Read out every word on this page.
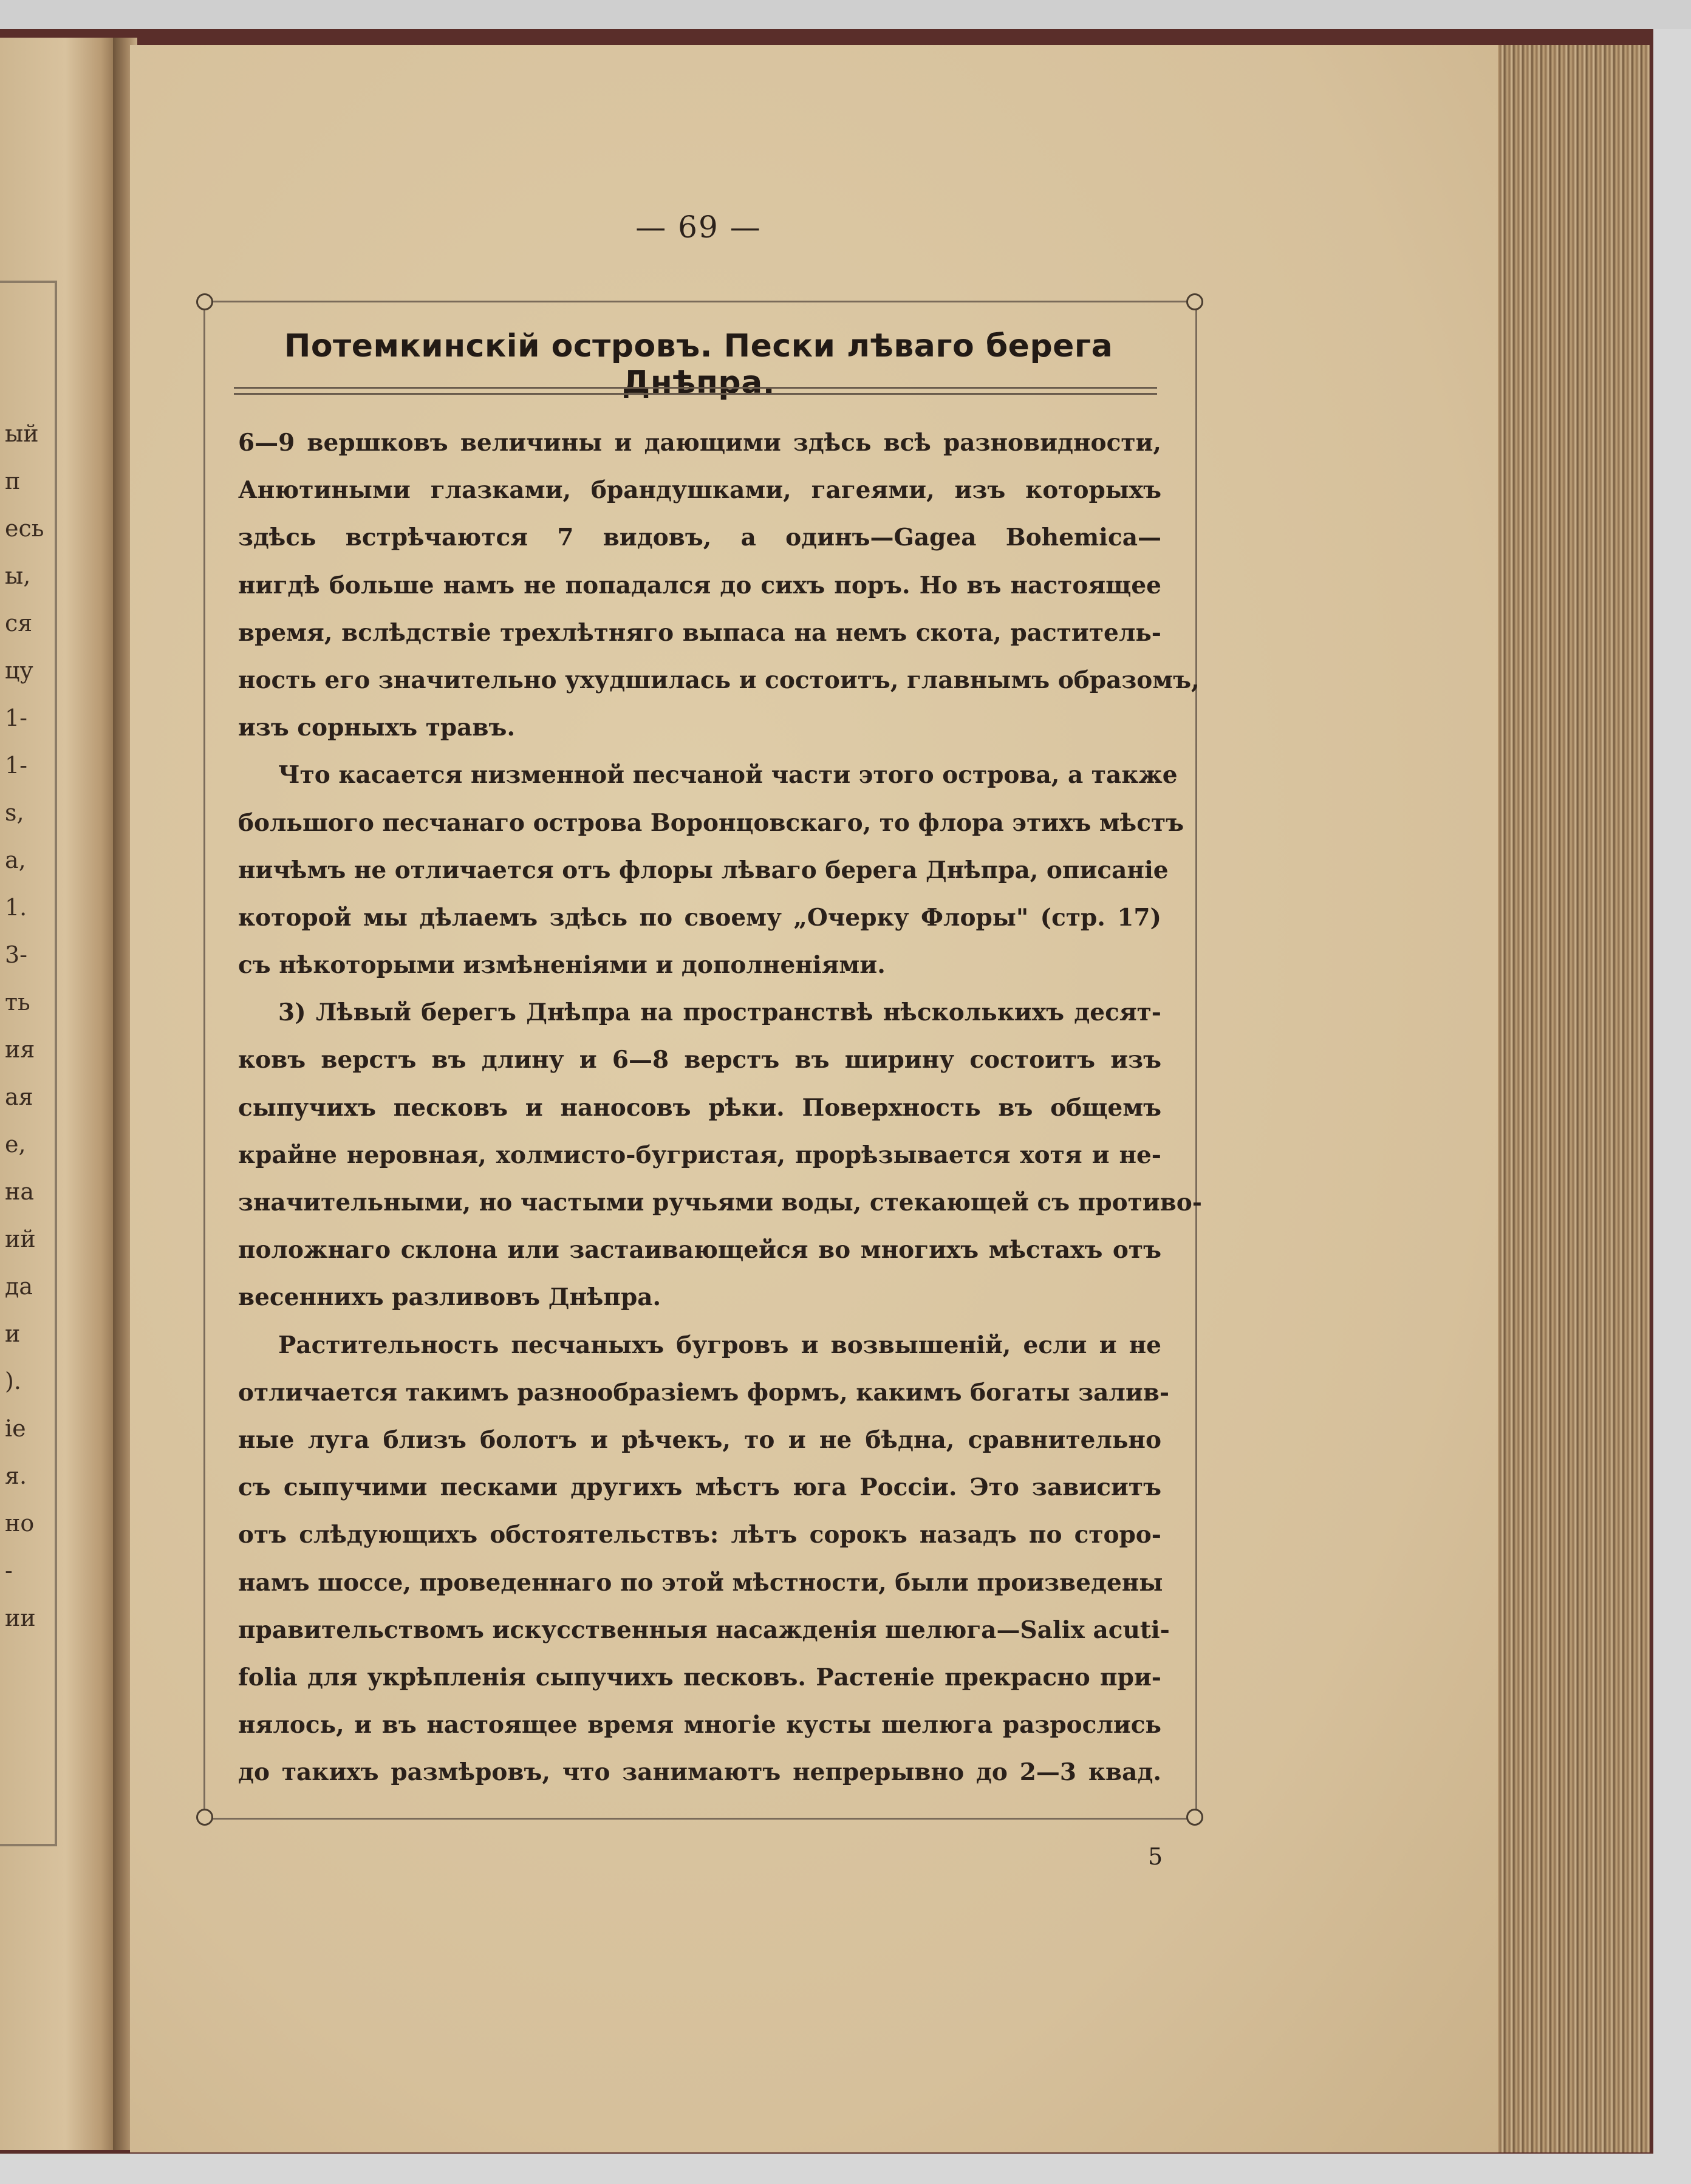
ый
п
есь
ы,
ся
цу
1-
1-
s,
а,
1.
3-
ть
ия
ая
е,
на
ий
да
и
).
іе
я.
но
-
ии
— 69 —
Потемкинскій островъ. Пески лѣваго берега Днѣпра.
6—9 вершковъ величины и дающими здѣсь всѣ разновидности,
Анютиными глазками, брандушками, гагеями, изъ которыхъ
здѣсь встрѣчаются 7 видовъ, а одинъ—Gagea Bohemica—
нигдѣ больше намъ не попадался до сихъ поръ. Но въ настоящее
время, вслѣдствіе трехлѣтняго выпаса на немъ скота, раститель-
ность его значительно ухудшилась и состоитъ, главнымъ образомъ,
изъ сорныхъ травъ.
Что касается низменной песчаной части этого острова, а также
большого песчанаго острова Воронцовскаго, то флора этихъ мѣстъ
ничѣмъ не отличается отъ флоры лѣваго берега Днѣпра, описаніе
которой мы дѣлаемъ здѣсь по своему „Очерку Флоры" (стр. 17)
съ нѣкоторыми измѣненіями и дополненіями.
3) Лѣвый берегъ Днѣпра на пространствѣ нѣсколькихъ десят-
ковъ верстъ въ длину и 6—8 верстъ въ ширину состоитъ изъ
сыпучихъ песковъ и наносовъ рѣки. Поверхность въ общемъ
крайне неровная, холмисто-бугристая, прорѣзывается хотя и не-
значительными, но частыми ручьями воды, стекающей съ противо-
положнаго склона или застаивающейся во многихъ мѣстахъ отъ
весеннихъ разливовъ Днѣпра.
Растительность песчаныхъ бугровъ и возвышеній, если и не
отличается такимъ разнообразіемъ формъ, какимъ богаты залив-
ные луга близъ болотъ и рѣчекъ, то и не бѣдна, сравнительно
съ сыпучими песками другихъ мѣстъ юга Россіи. Это зависитъ
отъ слѣдующихъ обстоятельствъ: лѣтъ сорокъ назадъ по сторо-
намъ шоссе, проведеннаго по этой мѣстности, были произведены
правительствомъ искусственныя насажденія шелюга—Salix acuti-
folia для укрѣпленія сыпучихъ песковъ. Растеніе прекрасно при-
нялось, и въ настоящее время многіе кусты шелюга разрослись
до такихъ размѣровъ, что занимаютъ непрерывно до 2—3 квад.
5
